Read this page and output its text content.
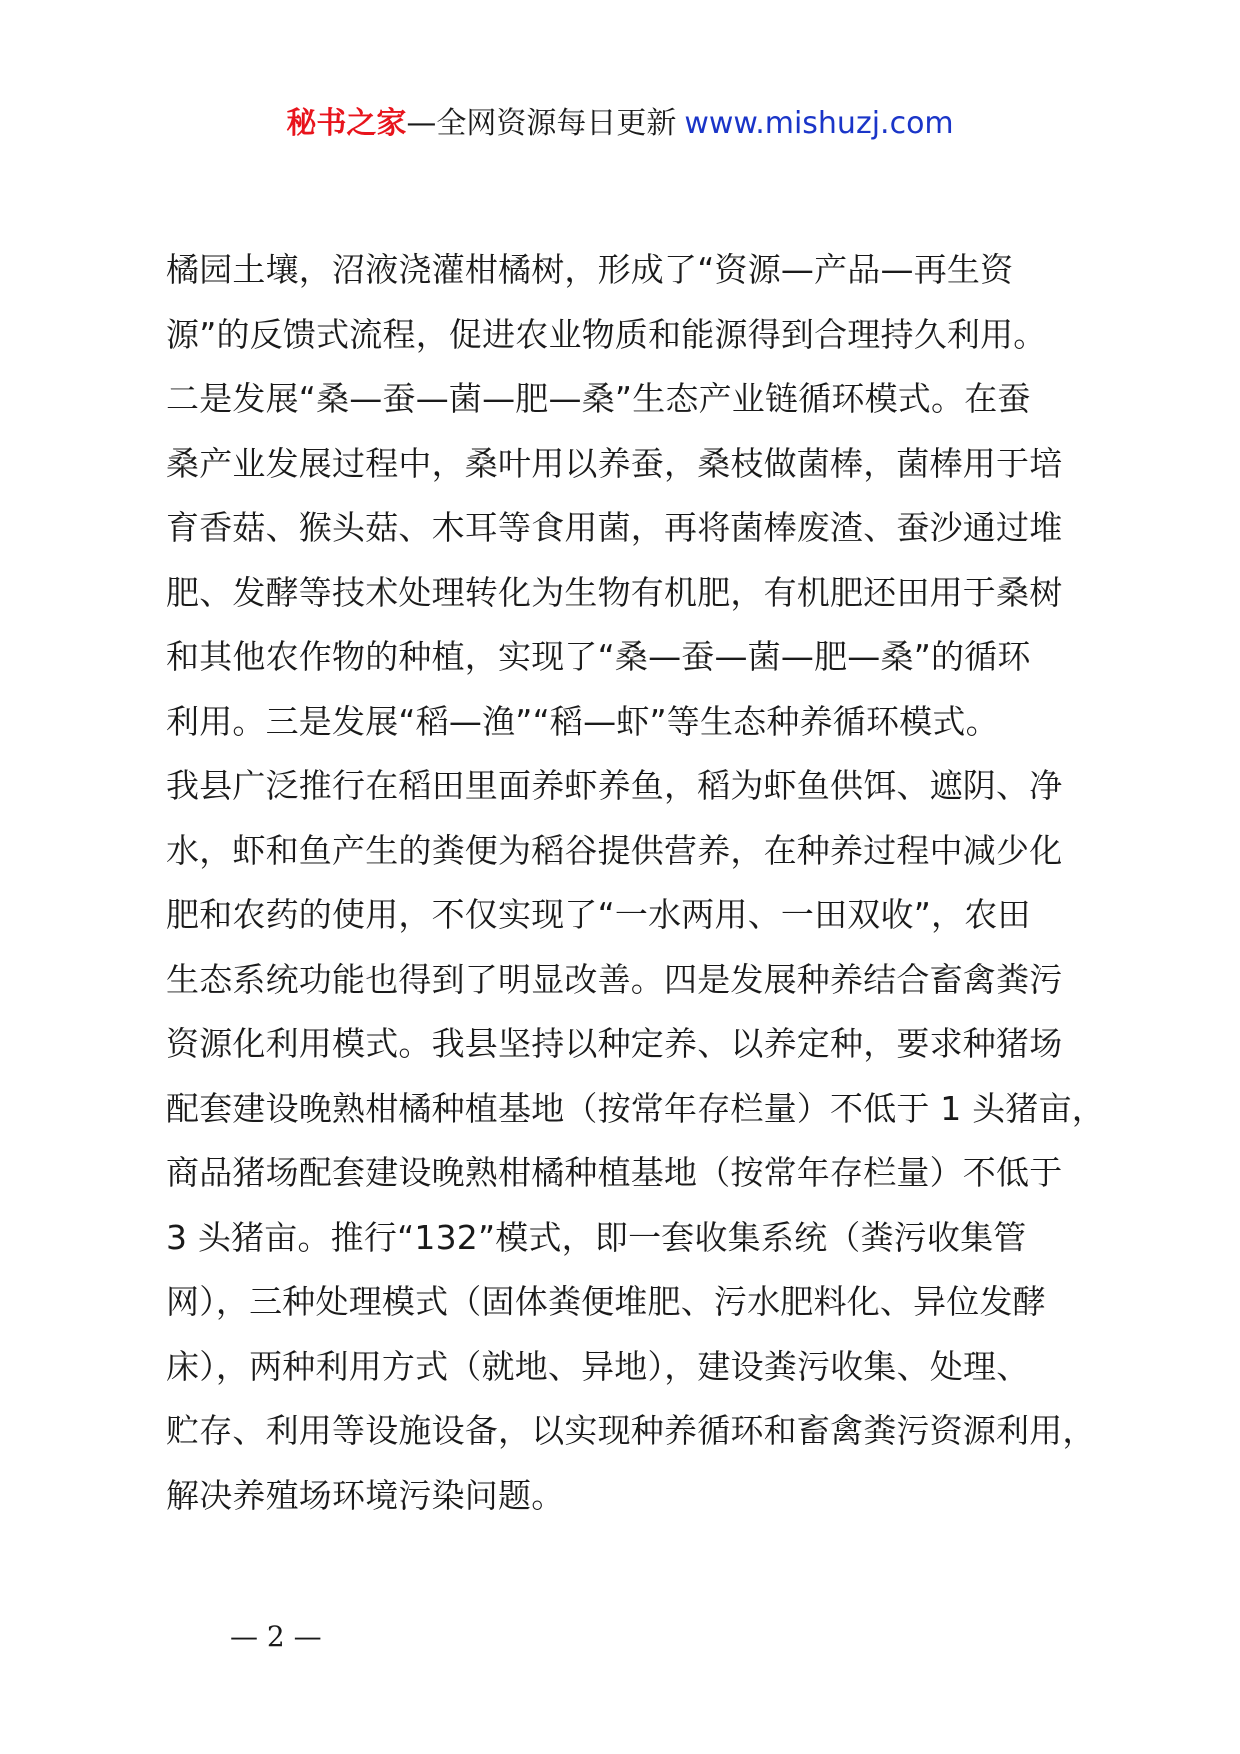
秘书之家—全网资源每日更新 www.mishuzj.com
橘园土壤，沼液浇灌柑橘树，形成了“资源—产品—再生资
源”的反馈式流程，促进农业物质和能源得到合理持久利用。
二是发展“桑—蚕—菌—肥—桑”生态产业链循环模式。在蚕
桑产业发展过程中，桑叶用以养蚕，桑枝做菌棒，菌棒用于培
育香菇、猴头菇、木耳等食用菌，再将菌棒废渣、蚕沙通过堆
肥、发酵等技术处理转化为生物有机肥，有机肥还田用于桑树
和其他农作物的种植，实现了“桑—蚕—菌—肥—桑”的循环
利用。三是发展“稻—渔”“稻—虾”等生态种养循环模式。
我县广泛推行在稻田里面养虾养鱼，稻为虾鱼供饵、遮阴、净
水，虾和鱼产生的粪便为稻谷提供营养，在种养过程中减少化
肥和农药的使用，不仅实现了“一水两用、一田双收”，农田
生态系统功能也得到了明显改善。四是发展种养结合畜禽粪污
资源化利用模式。我县坚持以种定养、以养定种，要求种猪场
配套建设晚熟柑橘种植基地（按常年存栏量）不低于 1 头猪亩，
商品猪场配套建设晚熟柑橘种植基地（按常年存栏量）不低于
3 头猪亩。推行“132”模式，即一套收集系统（粪污收集管
网），三种处理模式（固体粪便堆肥、污水肥料化、异位发酵
床），两种利用方式（就地、异地），建设粪污收集、处理、
贮存、利用等设施设备，以实现种养循环和畜禽粪污资源利用，
解决养殖场环境污染问题。
— 2 —
